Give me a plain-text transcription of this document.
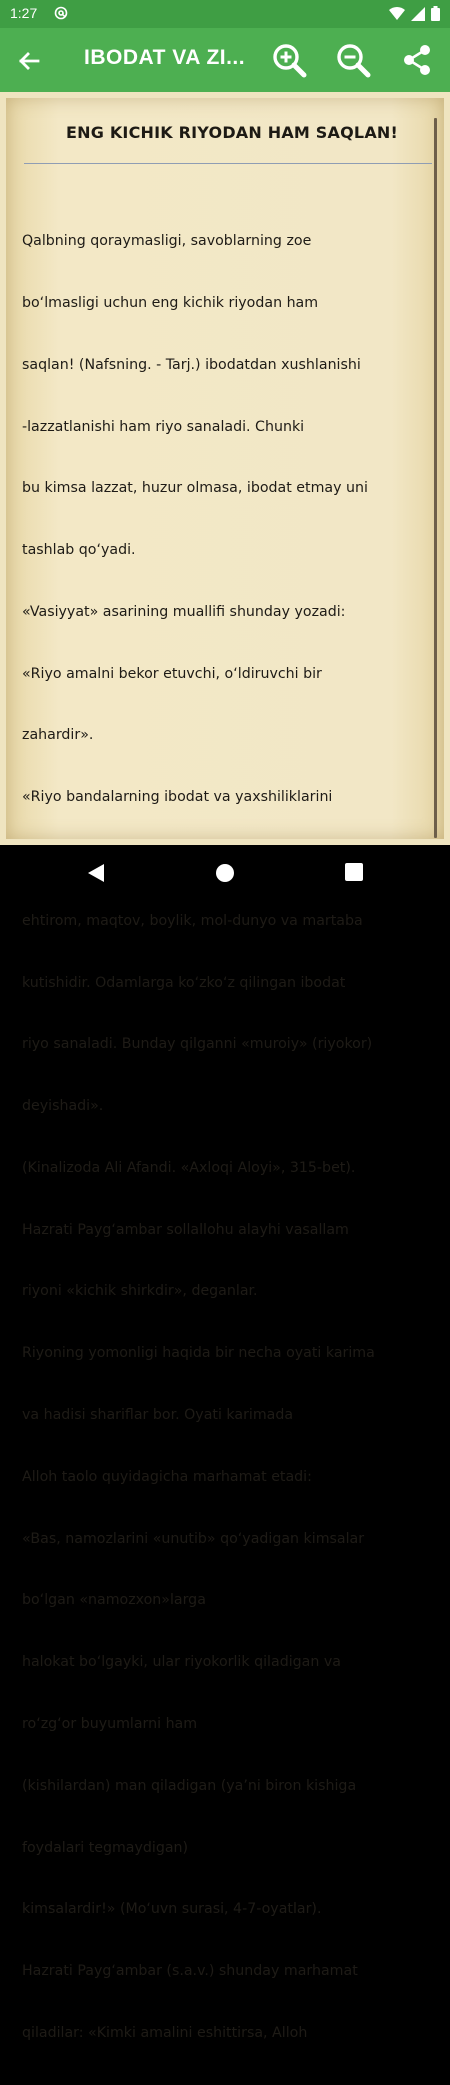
1:27
IBODAT VA ZI...
ENG KICHIK RIYODAN HAM SAQLAN!

Qalbning qoraymasligi, savoblarning zoe

bo‘lmasligi uchun eng kichik riyodan ham

saqlan! (Nafsning. - Tarj.) ibodatdan xushlanishi

-lazzatlanishi ham riyo sanaladi. Chunki

bu kimsa lazzat, huzur olmasa, ibodat etmay uni

tashlab qo‘yadi.

«Vasiyyat» asarining muallifi shunday yozadi:

«Riyo amalni bekor etuvchi, o‘ldiruvchi bir

zahardir».

«Riyo bandalarning ibodat va yaxshiliklarini

ehtirom, maqtov, boylik, mol-dunyo va martaba

kutishidir. Odamlarga ko‘zko‘z qilingan ibodat

riyo sanaladi. Bunday qilganni «muroiy» (riyokor)

deyishadi».

(Kinalizoda Ali Afandi. «Axloqi Aloyi», 315-bet).

Hazrati Payg‘ambar sollallohu alayhi vasallam

riyoni «kichik shirkdir», deganlar.

Riyoning yomonligi haqida bir necha oyati karima

va hadisi shariflar bor. Oyati karimada

Alloh taolo quyidagicha marhamat etadi:

«Bas, namozlarini «unutib» qo‘yadigan kimsalar

bo‘lgan «namozxon»larga

halokat bo‘lgayki, ular riyokorlik qiladigan va

ro‘zg‘or buyumlarni ham

(kishilardan) man qiladigan (ya’ni biron kishiga

foydalari tegmaydigan)

kimsalardir!» (Mo‘uvn surasi, 4-7-oyatlar).

Hazrati Payg‘ambar (s.a.v.) shunday marhamat

qiladilar: «Kimki amalini eshittirsa, Alloh
